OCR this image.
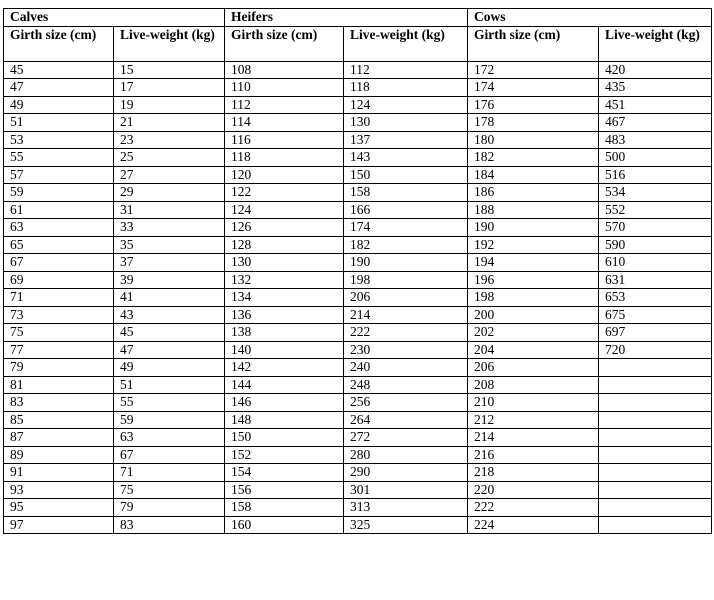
Calves		Heifers		Cows	
Girth size (cm)	Live-weight (kg)	Girth size (cm)	Live-weight (kg)	Girth size (cm)	Live-weight (kg)
45	15	108	112	172	420
47	17	110	118	174	435
49	19	112	124	176	451
51	21	114	130	178	467
53	23	116	137	180	483
55	25	118	143	182	500
57	27	120	150	184	516
59	29	122	158	186	534
61	31	124	166	188	552
63	33	126	174	190	570
65	35	128	182	192	590
67	37	130	190	194	610
69	39	132	198	196	631
71	41	134	206	198	653
73	43	136	214	200	675
75	45	138	222	202	697
77	47	140	230	204	720
79	49	142	240	206	
81	51	144	248	208	
83	55	146	256	210	
85	59	148	264	212	
87	63	150	272	214	
89	67	152	280	216	
91	71	154	290	218	
93	75	156	301	220	
95	79	158	313	222	
97	83	160	325	224	
